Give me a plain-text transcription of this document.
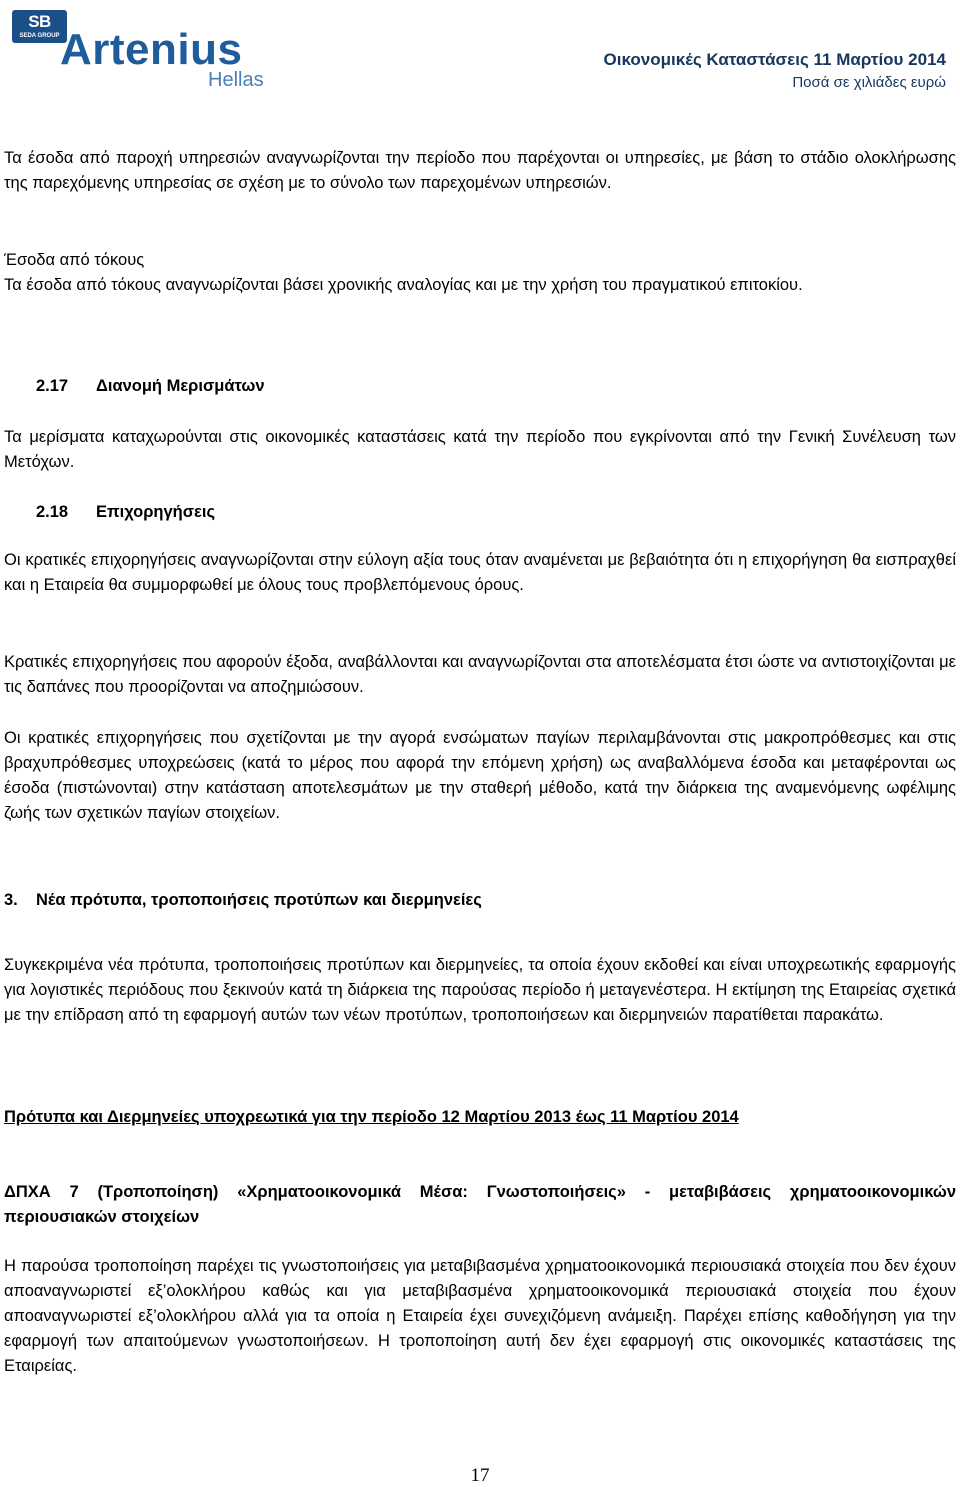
SB
SEDA GROUP Artenius
Hellas
Οικονομικές Καταστάσεις 11 Μαρτίου 2014
Ποσά σε χιλιάδες ευρώ
Τα έσοδα από παροχή υπηρεσιών αναγνωρίζονται την περίοδο που παρέχονται οι υπηρεσίες, με βάση το στάδιο ολοκλήρωσης της παρεχόμενης υπηρεσίας σε σχέση με το σύνολο των παρεχομένων υπηρεσιών.
Έσοδα από τόκους
Τα έσοδα από τόκους αναγνωρίζονται βάσει χρονικής αναλογίας και με την χρήση του πραγματικού επιτοκίου.
2.17 Διανομή Μερισμάτων
Τα μερίσματα καταχωρούνται στις οικονομικές καταστάσεις κατά την περίοδο που εγκρίνονται από την Γενική Συνέλευση των Μετόχων.
2.18 Επιχορηγήσεις
Οι κρατικές επιχορηγήσεις αναγνωρίζονται στην εύλογη αξία τους όταν αναμένεται με βεβαιότητα ότι η επιχορήγηση θα εισπραχθεί και η Εταιρεία θα συμμορφωθεί με όλους τους προβλεπόμενους όρους.
Κρατικές επιχορηγήσεις που αφορούν έξοδα, αναβάλλονται και αναγνωρίζονται στα αποτελέσματα έτσι ώστε να αντιστοιχίζονται με τις δαπάνες που προορίζονται να αποζημιώσουν.
Οι κρατικές επιχορηγήσεις που σχετίζονται με την αγορά ενσώματων παγίων περιλαμβάνονται στις μακροπρόθεσμες και στις βραχυπρόθεσμες υποχρεώσεις (κατά το μέρος που αφορά την επόμενη χρήση) ως αναβαλλόμενα έσοδα και μεταφέρονται ως έσοδα (πιστώνονται) στην κατάσταση αποτελεσμάτων με την σταθερή μέθοδο, κατά την διάρκεια της αναμενόμενης ωφέλιμης ζωής των σχετικών παγίων στοιχείων.
3. Νέα πρότυπα, τροποποιήσεις προτύπων και διερμηνείες
Συγκεκριμένα νέα πρότυπα, τροποποιήσεις προτύπων και διερμηνείες, τα οποία έχουν εκδοθεί και είναι υποχρεωτικής εφαρμογής για λογιστικές περιόδους που ξεκινούν κατά τη διάρκεια της παρούσας περίοδο ή μεταγενέστερα. Η εκτίμηση της Εταιρείας σχετικά με την επίδραση από τη εφαρμογή αυτών των νέων προτύπων, τροποποιήσεων και διερμηνειών παρατίθεται παρακάτω.
Πρότυπα και Διερμηνείες υποχρεωτικά για την περίοδο 12 Μαρτίου 2013 έως 11 Μαρτίου 2014
ΔΠΧΑ 7 (Τροποποίηση) «Χρηματοοικονομικά Μέσα: Γνωστοποιήσεις» - μεταβιβάσεις χρηματοοικονομικών περιουσιακών στοιχείων
Η παρούσα τροποποίηση παρέχει τις γνωστοποιήσεις για μεταβιβασμένα χρηματοοικονομικά περιουσιακά στοιχεία που δεν έχουν αποαναγνωριστεί εξ’ολοκλήρου καθώς και για μεταβιβασμένα χρηματοοικονομικά περιουσιακά στοιχεία που έχουν αποαναγνωριστεί εξ’ολοκλήρου αλλά για τα οποία η Εταιρεία έχει συνεχιζόμενη ανάμειξη. Παρέχει επίσης καθοδήγηση για την εφαρμογή των απαιτούμενων γνωστοποιήσεων. Η τροποποίηση αυτή δεν έχει εφαρμογή στις οικονομικές καταστάσεις της Εταιρείας.
17
